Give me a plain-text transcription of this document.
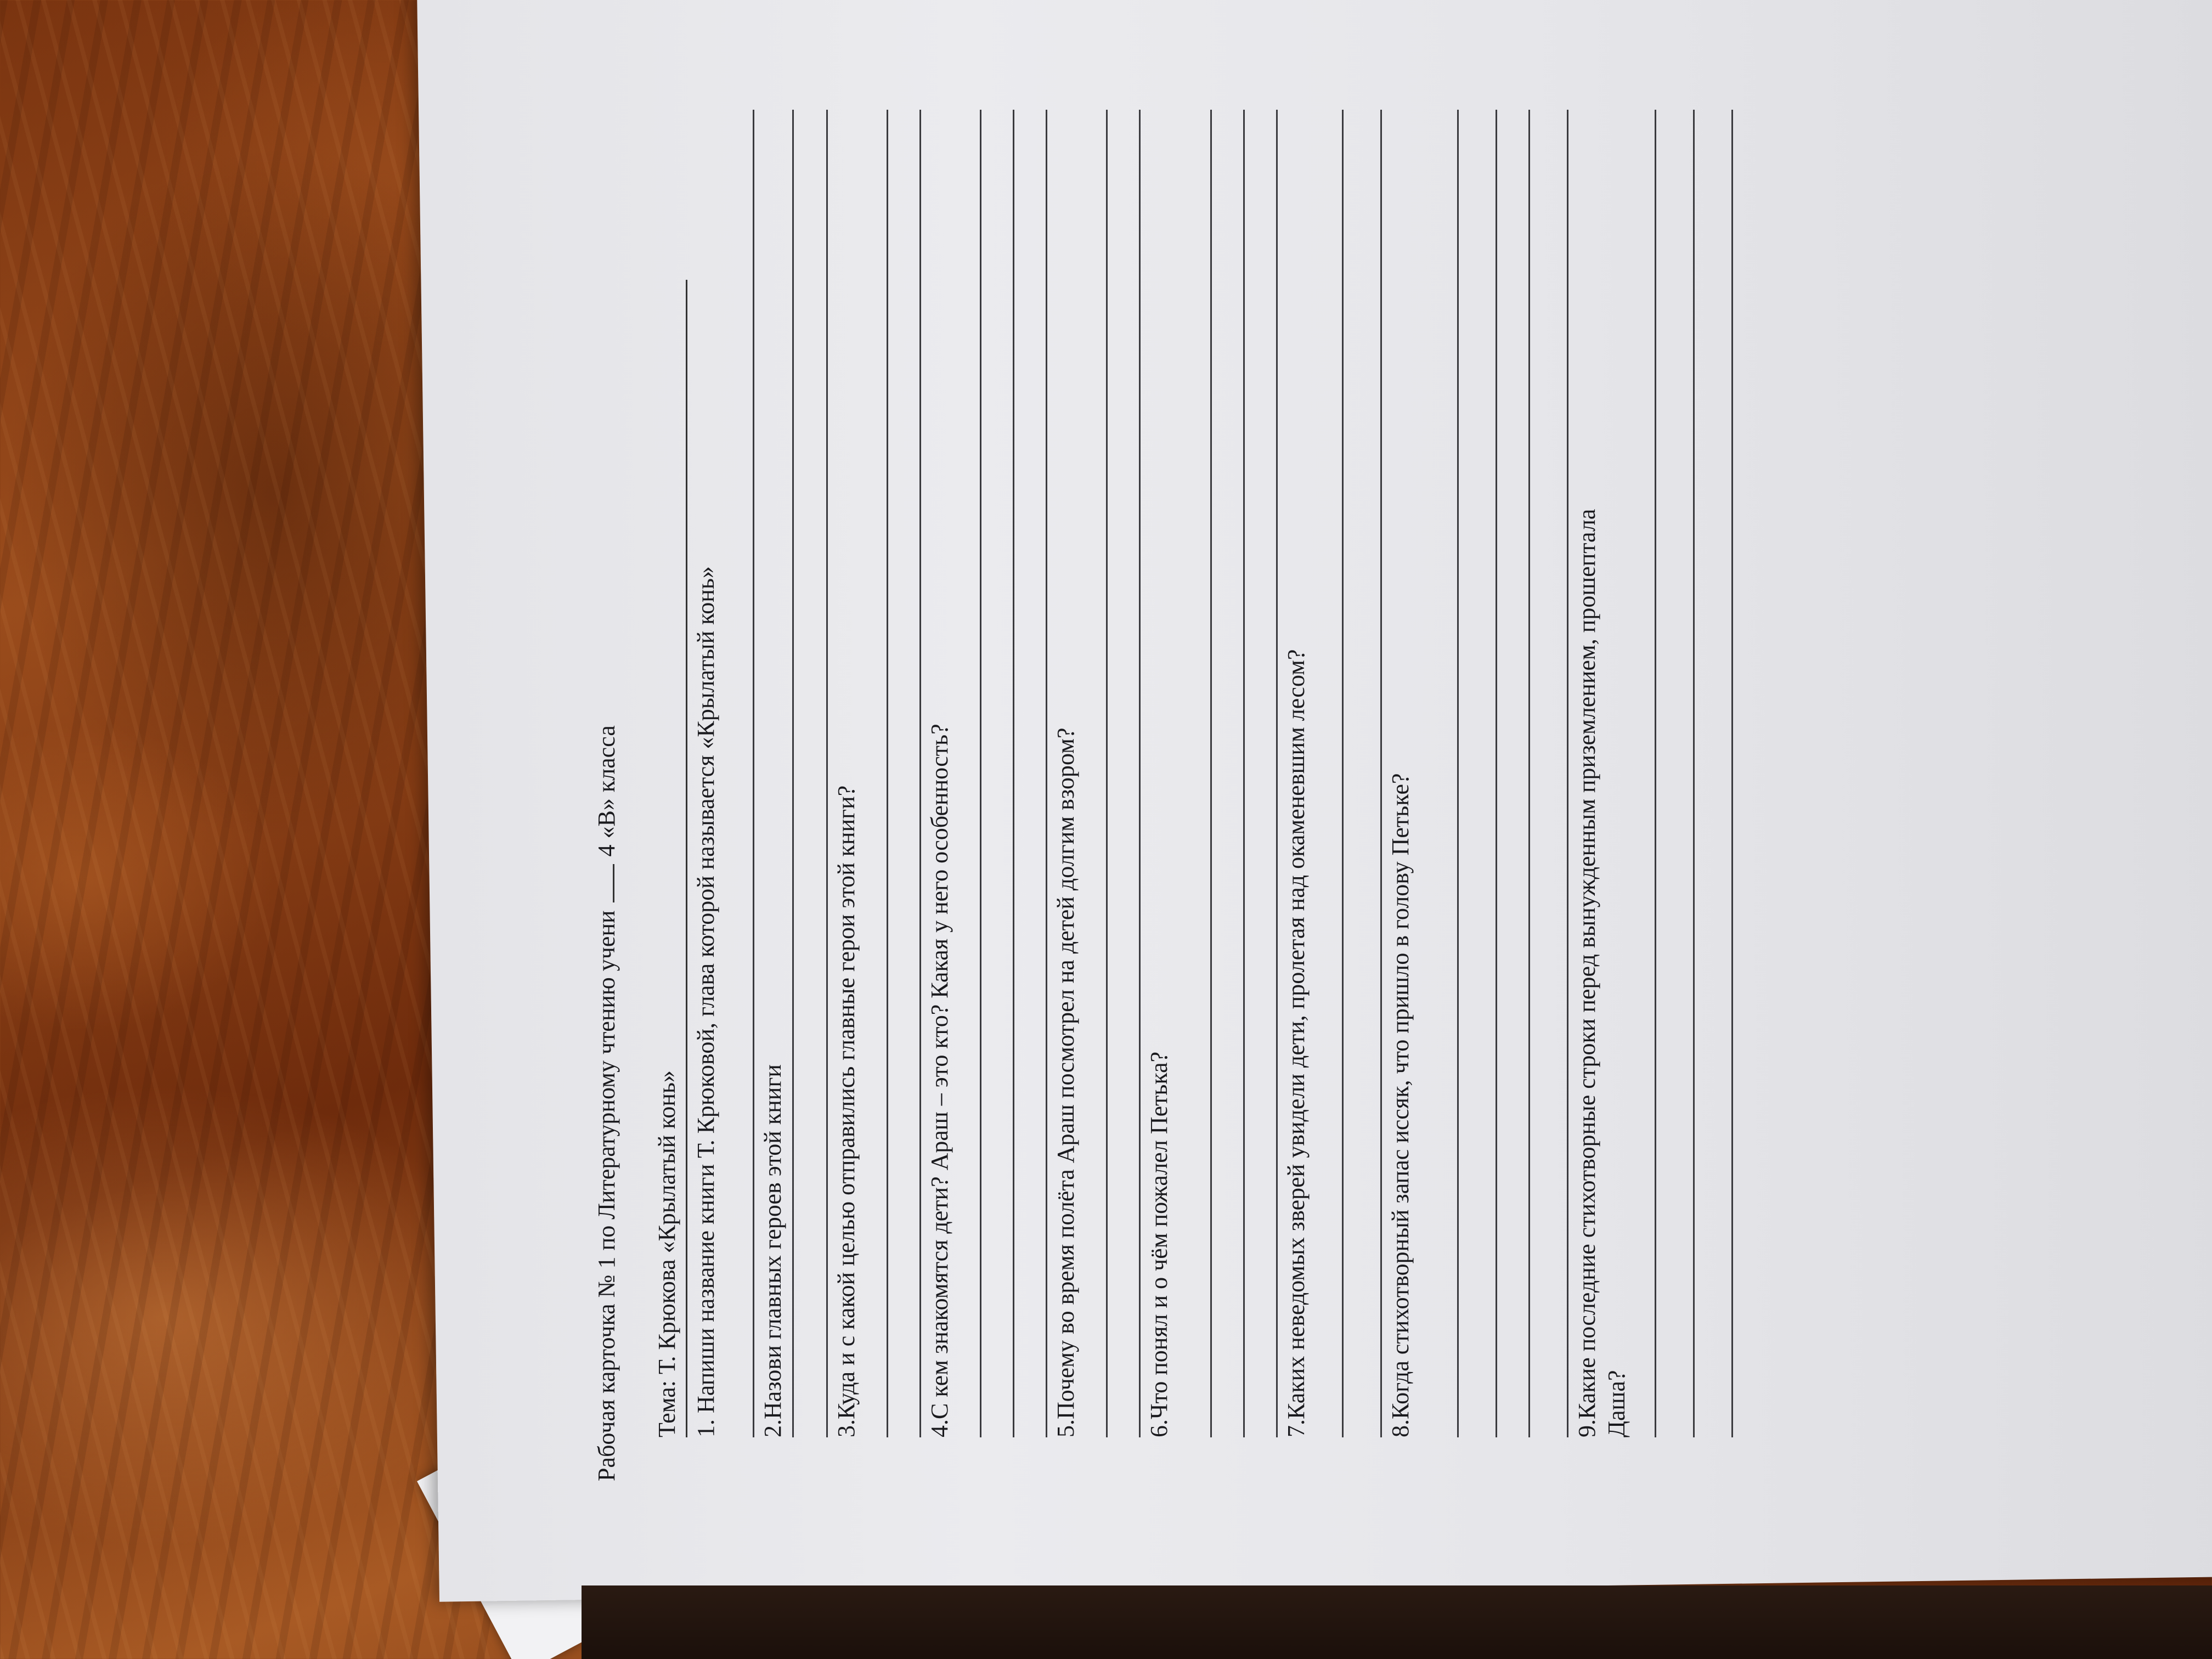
Рабочая карточка № 1 по Литературному чтению учени4 «В» класса
Тема: Т. Крюкова «Крылатый конь» 1. Напиши название книги Т. Крюковой, глава которой называется «Крылатый конь» 2.Назови главных героев этой книги 3.Куда и с какой целью отправились главные герои этой книги?	4.С кем знакомятся дети? Араш – это кто? Какая у него особенность?	5.Почему во время полёта Араш посмотрел на детей долгим взором?	6.Что понял и о чём пожалел Петька?	7.Каких неведомых зверей увидели дети, пролетая над окаменевшим лесом?	8.Когда стихотворный запас иссяк, что пришло в голову Петьке?	9.Какие последние стихотворные строки перед вынужденным приземлением, прошептала Даша?
